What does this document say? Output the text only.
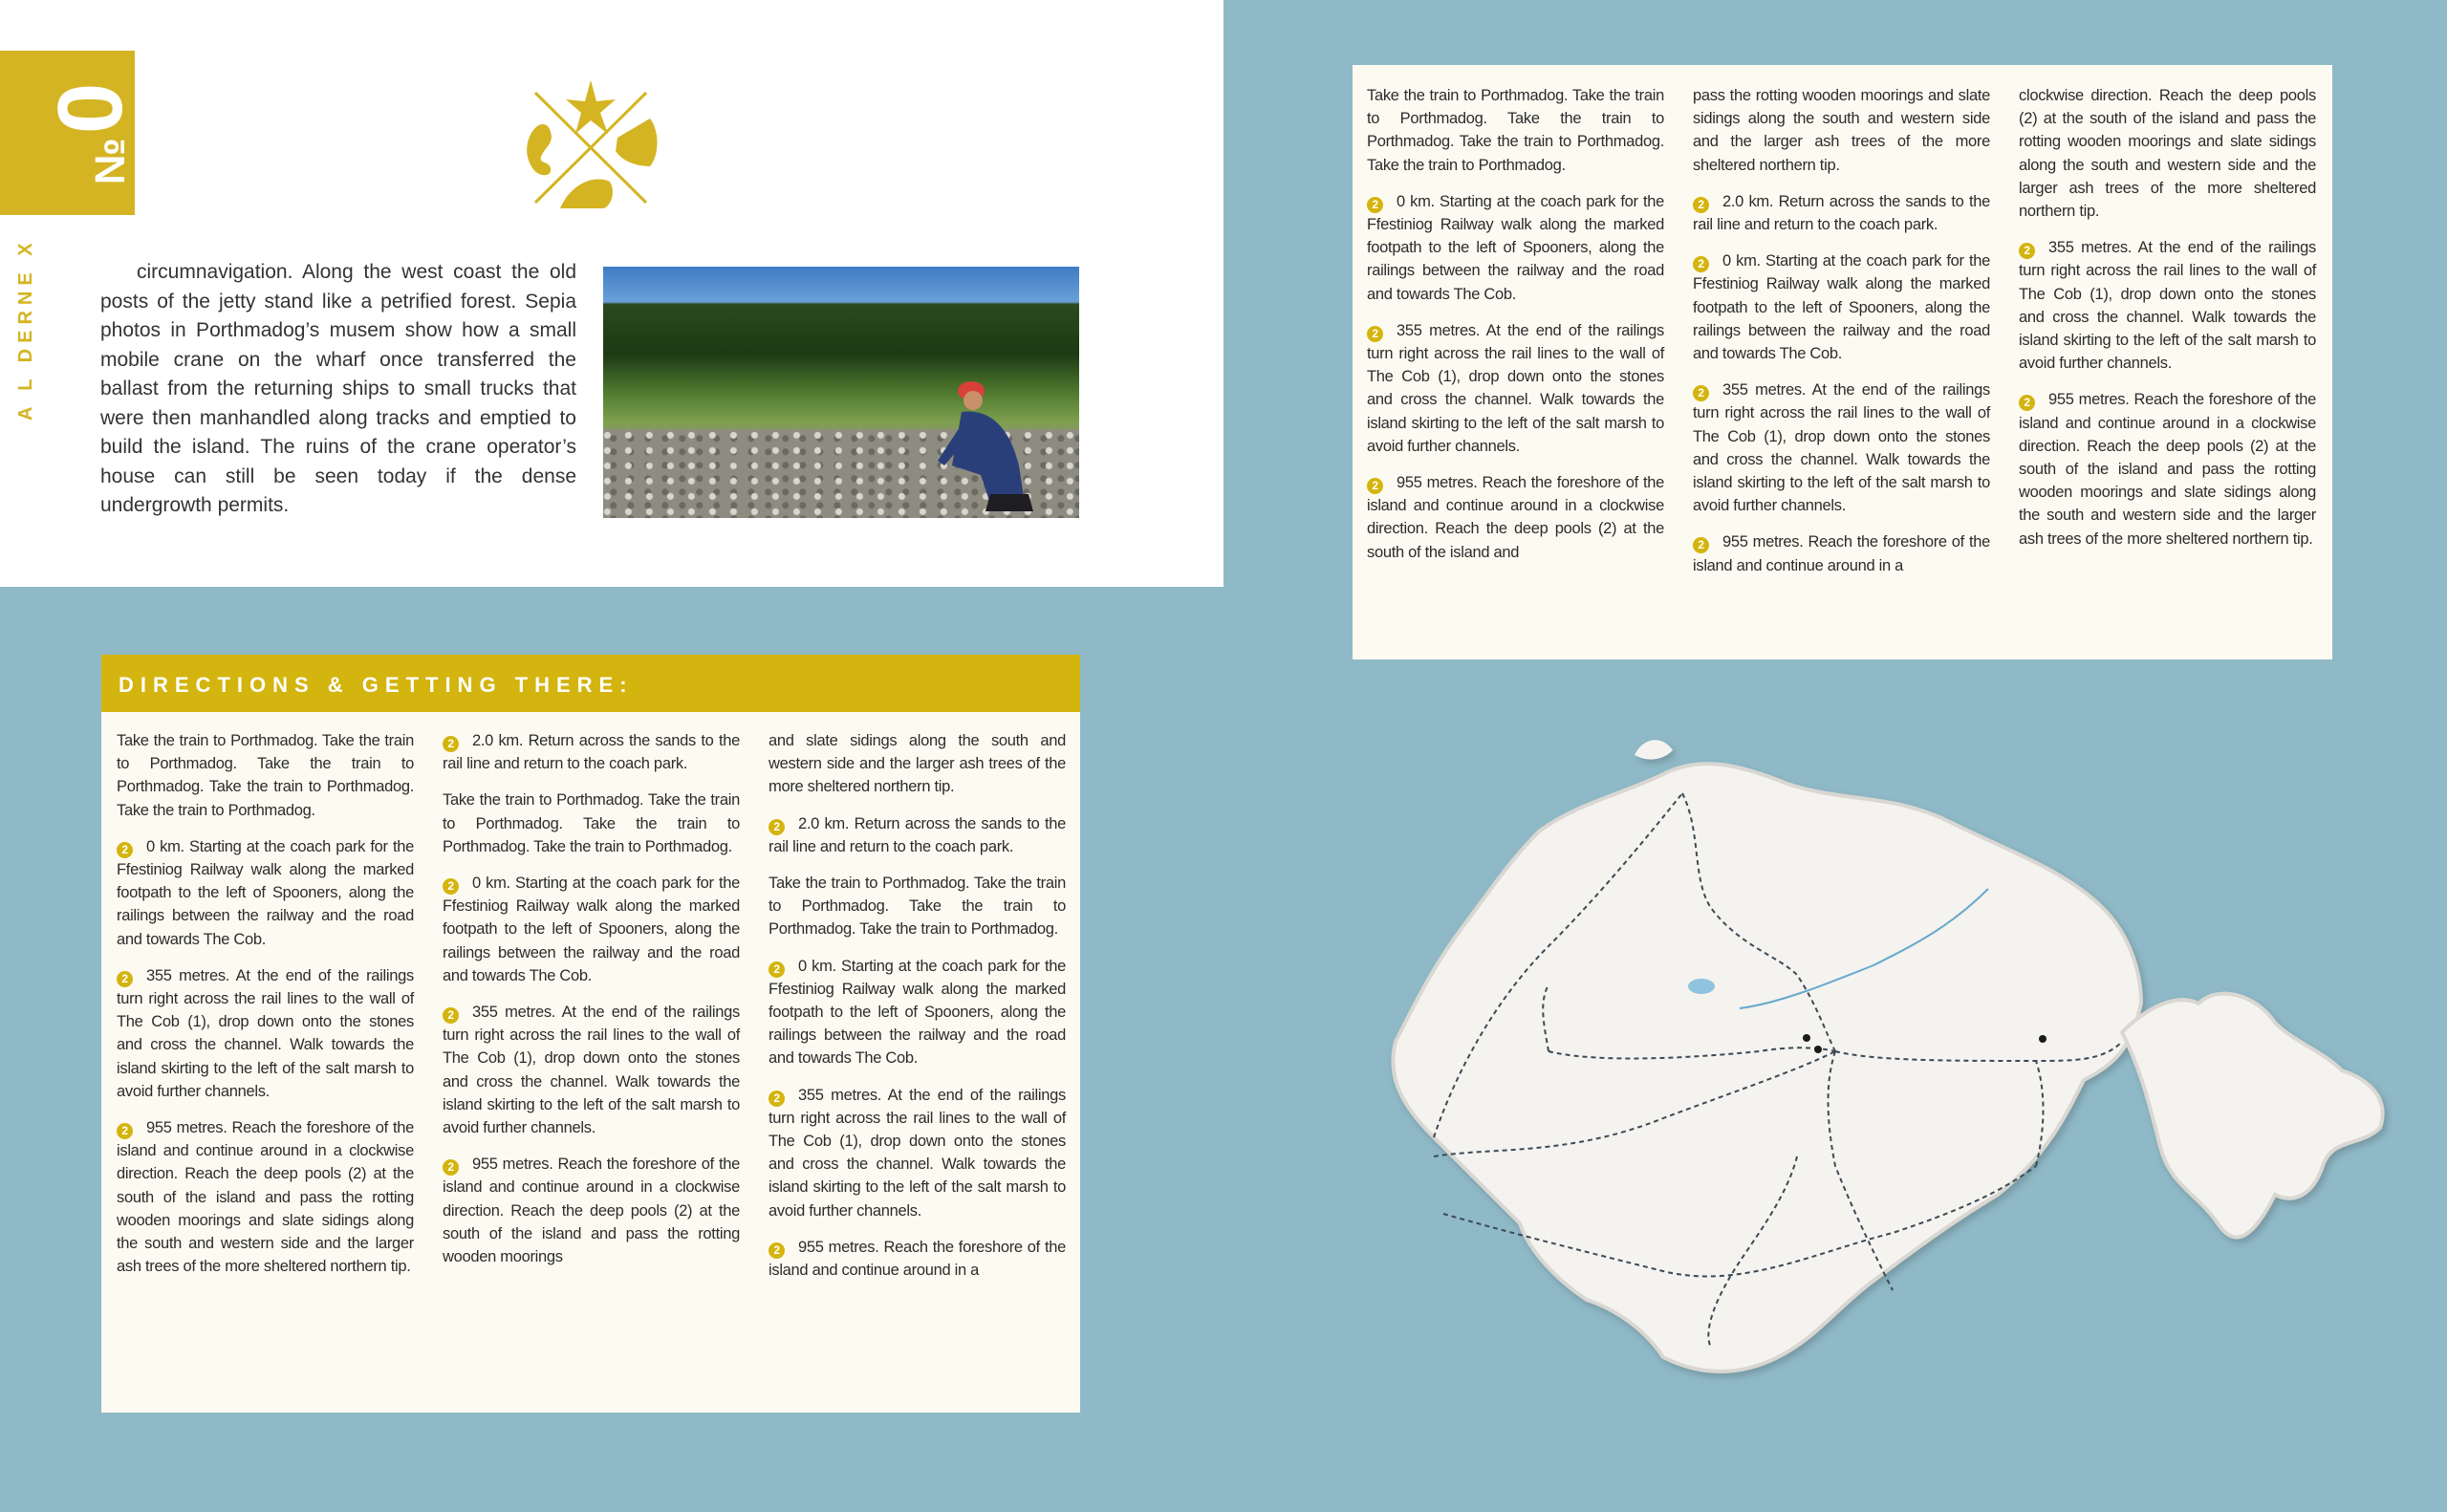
№
0
A L DERNE X	circumnavigation. Along the west coast the old posts of the jetty stand like a petrified forest. Sepia photos in Porthmadog’s musem show how a small mobile crane on the wharf once transferred the ballast from the returning ships to small trucks that were then manhandled along tracks and emptied to build the island. The ruins of the crane operator’s house can still be seen today if the dense undergrowth permits.

DIRECTIONS & GETTING THERE:

Take the train to Porthmadog. Take the train to Porthmadog. Take the train to Porthmadog. Take the train to Porthmadog. Take the train to Porthmadog.

2 0 km. Starting at the coach park for the Ffestiniog Railway walk along the marked footpath to the left of Spooners, along the railings between the railway and the road and towards The Cob.

2 355 metres. At the end of the railings turn right across the rail lines to the wall of The Cob (1), drop down onto the stones and cross the channel. Walk towards the island skirting to the left of the salt marsh to avoid further channels.

2 955 metres. Reach the foreshore of the island and continue around in a clockwise direction. Reach the deep pools (2) at the south of the island and pass the rotting wooden moorings and slate sidings along the south and western side and the larger ash trees of the more sheltered northern tip.

2 2.0 km. Return across the sands to the rail line and return to the coach park.

Take the train to Porthmadog. Take the train to Porthmadog. Take the train to Porthmadog. Take the train to Porthmadog.

2 0 km. Starting at the coach park for the Ffestiniog Railway walk along the marked footpath to the left of Spooners, along the railings between the railway and the road and towards The Cob.

2 355 metres. At the end of the railings turn right across the rail lines to the wall of The Cob (1), drop down onto the stones and cross the channel. Walk towards the island skirting to the left of the salt marsh to avoid further channels.

2 955 metres. Reach the foreshore of the island and continue around in a clockwise direction. Reach the deep pools (2) at the south of the island and pass the rotting wooden moorings

and slate sidings along the south and western side and the larger ash trees of the more sheltered northern tip.

2 2.0 km. Return across the sands to the rail line and return to the coach park.

Take the train to Porthmadog. Take the train to Porthmadog. Take the train to Porthmadog. Take the train to Porthmadog.

2 0 km. Starting at the coach park for the Ffestiniog Railway walk along the marked footpath to the left of Spooners, along the railings between the railway and the road and towards The Cob.

2 355 metres. At the end of the railings turn right across the rail lines to the wall of The Cob (1), drop down onto the stones and cross the channel. Walk towards the island skirting to the left of the salt marsh to avoid further channels.

2 955 metres. Reach the foreshore of the island and continue around in a

Take the train to Porthmadog. Take the train to Porthmadog. Take the train to Porthmadog. Take the train to Porthmadog. Take the train to Porthmadog.

2 0 km. Starting at the coach park for the Ffestiniog Railway walk along the marked footpath to the left of Spooners, along the railings between the railway and the road and towards The Cob.

2 355 metres. At the end of the railings turn right across the rail lines to the wall of The Cob (1), drop down onto the stones and cross the channel. Walk towards the island skirting to the left of the salt marsh to avoid further channels.

2 955 metres. Reach the foreshore of the island and continue around in a clockwise direction. Reach the deep pools (2) at the south of the island and

pass the rotting wooden moorings and slate sidings along the south and western side and the larger ash trees of the more sheltered northern tip.

2 2.0 km. Return across the sands to the rail line and return to the coach park.

2 0 km. Starting at the coach park for the Ffestiniog Railway walk along the marked footpath to the left of Spooners, along the railings between the railway and the road and towards The Cob.

2 355 metres. At the end of the railings turn right across the rail lines to the wall of The Cob (1), drop down onto the stones and cross the channel. Walk towards the island skirting to the left of the salt marsh to avoid further channels.

2 955 metres. Reach the foreshore of the island and continue around in a

clockwise direction. Reach the deep pools (2) at the south of the island and pass the rotting wooden moorings and slate sidings along the south and western side and the larger ash trees of the more sheltered northern tip.

2 355 metres. At the end of the railings turn right across the rail lines to the wall of The Cob (1), drop down onto the stones and cross the channel. Walk towards the island skirting to the left of the salt marsh to avoid further channels.

2 955 metres. Reach the foreshore of the island and continue around in a clockwise direction. Reach the deep pools (2) at the south of the island and pass the rotting wooden moorings and slate sidings along the south and western side and the larger ash trees of the more sheltered northern tip.
